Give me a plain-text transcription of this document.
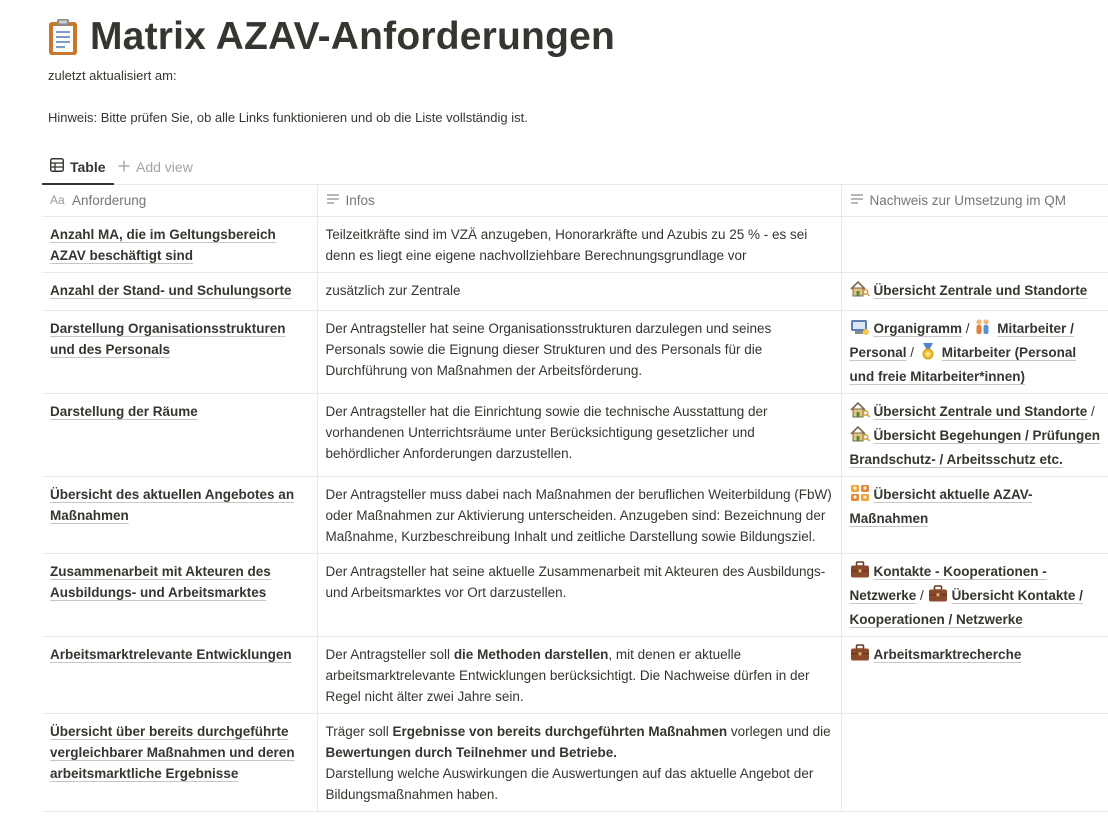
Matrix AZAV-Anforderungen
zuletzt aktualisiert am:
Hinweis: Bitte prüfen Sie, ob alle Links funktionieren und ob die Liste vollständig ist.
Table Add view
Aa Anforderung	Infos	Nachweis zur Umsetzung im QM

Anzahl MA, die im Geltungsbereich AZAV beschäftigt sind	Teilzeitkräfte sind im VZÄ anzugeben, Honorarkräfte und Azubis zu 25 % - es sei denn es liegt eine eigene nachvollziehbare Berechnungsgrundlage vor	
Anzahl der Stand- und Schulungsorte	zusätzlich zur Zentrale	Übersicht Zentrale und Standorte
Darstellung Organisationsstrukturen und des Personals	Der Antragsteller hat seine Organisationsstrukturen darzulegen und seines Personals sowie die Eignung dieser Strukturen und des Personals für die Durchführung von Maßnahmen der Arbeitsförderung.	Organigramm / Mitarbeiter / Personal / Mitarbeiter (Personal und freie Mitarbeiter*innen)
Darstellung der Räume	Der Antragsteller hat die Einrichtung sowie die technische Ausstattung der vorhandenen Unterrichtsräume unter Berücksichtigung gesetzlicher und behördlicher Anforderungen darzustellen.	Übersicht Zentrale und Standorte / Übersicht Begehungen / Prüfungen Brandschutz- / Arbeitsschutz etc.
Übersicht des aktuellen Angebotes an Maßnahmen	Der Antragsteller muss dabei nach Maßnahmen der beruflichen Weiterbildung (FbW) oder Maßnahmen zur Aktivierung unterscheiden. Anzugeben sind: Bezeichnung der Maßnahme, Kurzbeschreibung Inhalt und zeitliche Darstellung sowie Bildungsziel.	Übersicht aktuelle AZAV-Maßnahmen
Zusammenarbeit mit Akteuren des Ausbildungs- und Arbeitsmarktes	Der Antragsteller hat seine aktuelle Zusammenarbeit mit Akteuren des Ausbildungs- und Arbeitsmarktes vor Ort darzustellen.	Kontakte - Kooperationen - Netzwerke / Übersicht Kontakte / Kooperationen / Netzwerke
Arbeitsmarktrelevante Entwicklungen	Der Antragsteller soll die Methoden darstellen, mit denen er aktuelle arbeitsmarktrelevante Entwicklungen berücksichtigt. Die Nachweise dürfen in der Regel nicht älter zwei Jahre sein.	Arbeitsmarktrecherche
Übersicht über bereits durchgeführte vergleichbarer Maßnahmen und deren arbeitsmarktliche Ergebnisse	Träger soll Ergebnisse von bereits durchgeführten Maßnahmen vorlegen und die Bewertungen durch Teilnehmer und Betriebe.
Darstellung welche Auswirkungen die Auswertungen auf das aktuelle Angebot der Bildungsmaßnahmen haben.	
